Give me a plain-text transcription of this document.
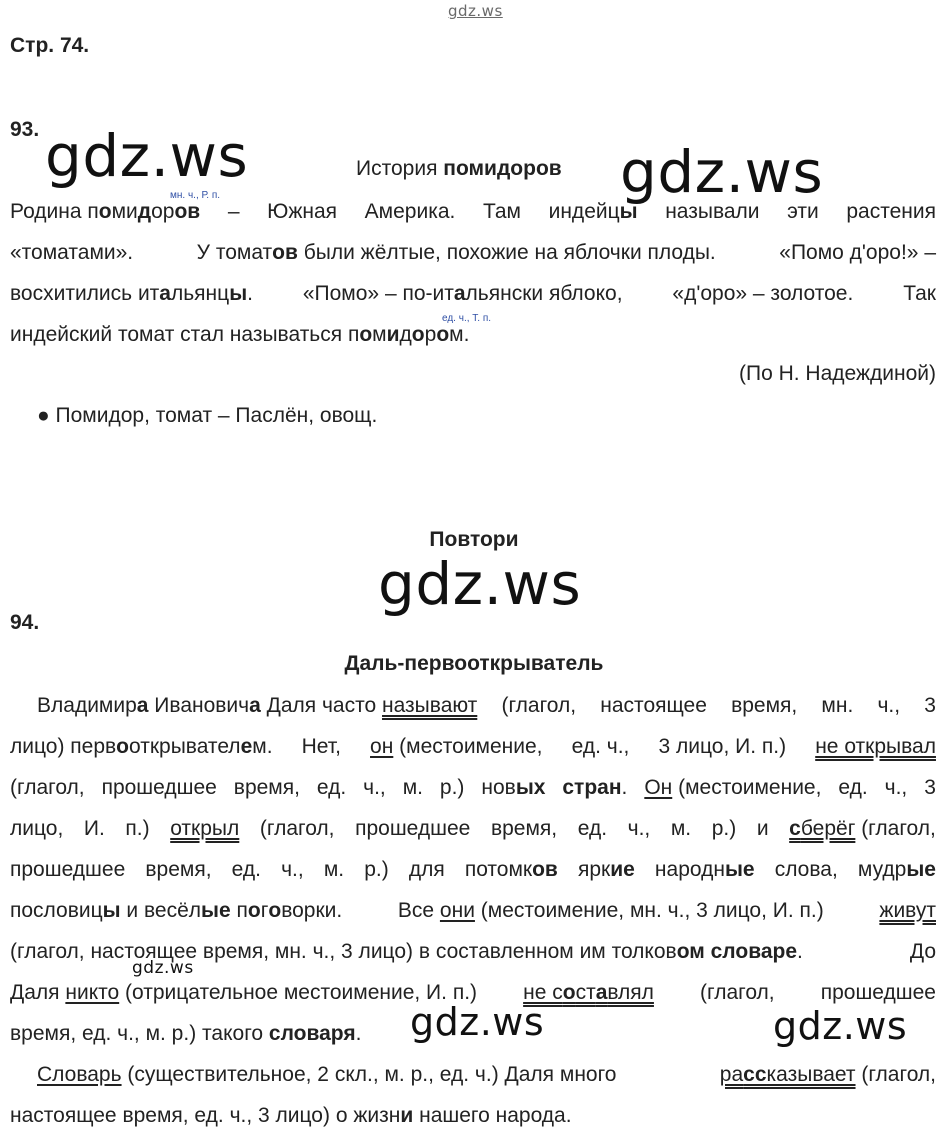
gdz.ws
gdz.ws	gdz.ws
gdz.ws
gdz.ws	gdz.ws
gdz.ws
Стр. 74.
93.
История помидоров
мн. ч., Р. п.
ед. ч., Т. п.
Родина помидоров – Южная Америка. Там индейцы называли эти растения
«томатами».	У томатов были жёлтые, похожие на яблочки плоды.	«Помо д'оро!» –
восхитились итальянцы. «Помо» – по-итальянски яблоко, «д'оро» – золотое. Так
индейский томат стал называться помидором.
(По Н. Надеждиной)
● Помидор, томат – Паслён, овощ.
Повтори
94.
Даль-первооткрыватель
Владимира Ивановича Даля часто называют (глагол, настоящее время, мн. ч., 3
лицо) первооткрывателем. Нет, он (местоимение, ед. ч., 3 лицо, И. п.) не открывал
(глагол, прошедшее время, ед. ч., м. р.) новых стран. Он (местоимение, ед. ч., 3
лицо, И. п.) открыл (глагол, прошедшее время, ед. ч., м. р.) и сберёг (глагол,
прошедшее время, ед. ч., м. р.) для потомков яркие народные слова, мудрые
пословицы и весёлые поговорки.	Все они (местоимение, мн. ч., 3 лицо, И. п.)	живут
(глагол, настоящее время, мн. ч., 3 лицо) в составленном им толковом словаре.	До
Даля никто (отрицательное местоимение, И. п.) не составлял (глагол, прошедшее
время, ед. ч., м. р.) такого словаря.
Словарь (существительное, 2 скл., м. р., ед. ч.) Даля много	рассказывает (глагол,
настоящее время, ед. ч., 3 лицо) о жизни нашего народа.
